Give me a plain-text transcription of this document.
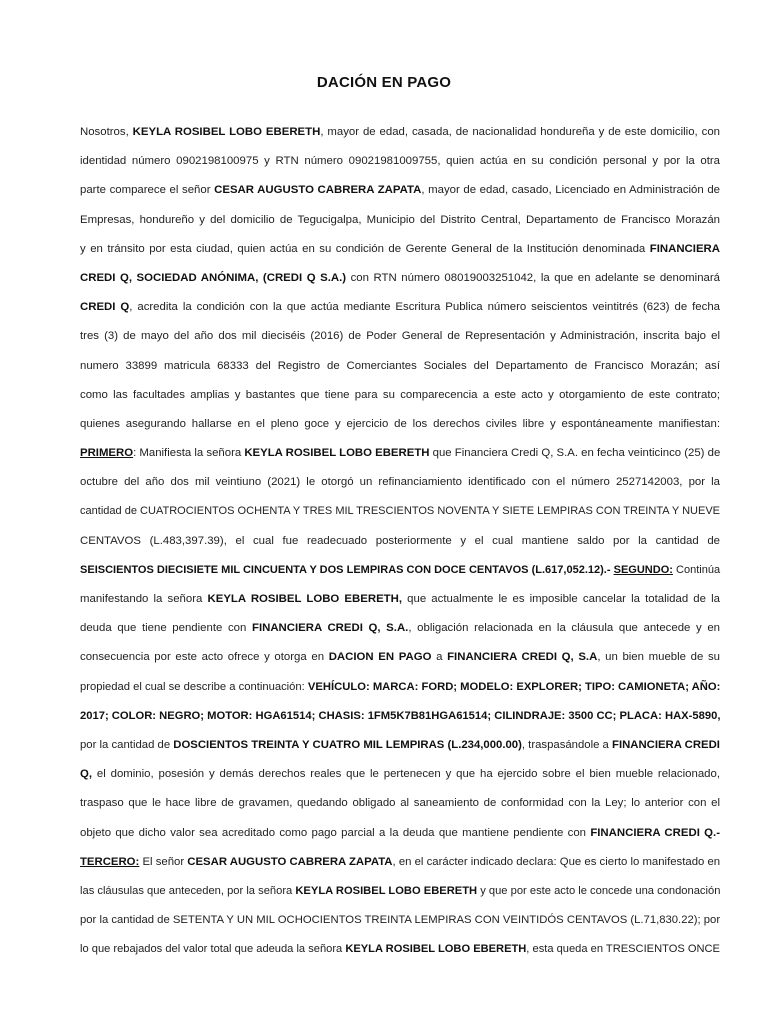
DACIÓN EN PAGO
Nosotros, KEYLA ROSIBEL LOBO EBERETH, mayor de edad, casada, de nacionalidad hondureña y de este domicilio, con
identidad número 0902198100975 y RTN número 09021981009755, quien actúa en su condición personal y por la otra
parte comparece el señor CESAR AUGUSTO CABRERA ZAPATA, mayor de edad, casado, Licenciado en Administración de
Empresas, hondureño y del domicilio de Tegucigalpa, Municipio del Distrito Central, Departamento de Francisco Morazán
y en tránsito por esta ciudad, quien actúa en su condición de Gerente General de la Institución denominada FINANCIERA
CREDI Q, SOCIEDAD ANÓNIMA, (CREDI Q S.A.) con RTN número 08019003251042, la que en adelante se denominará
CREDI Q, acredita la condición con la que actúa mediante Escritura Publica número seiscientos veintitrés (623) de fecha
tres (3) de mayo del año dos mil dieciséis (2016) de Poder General de Representación y Administración, inscrita bajo el
numero 33899 matricula 68333 del Registro de Comerciantes Sociales del Departamento de Francisco Morazán; así
como las facultades amplias y bastantes que tiene para su comparecencia a este acto y otorgamiento de este contrato;
quienes asegurando hallarse en el pleno goce y ejercicio de los derechos civiles libre y espontáneamente manifiestan:
PRIMERO: Manifiesta la señora KEYLA ROSIBEL LOBO EBERETH que Financiera Credi Q, S.A. en fecha veinticinco (25) de
octubre del año dos mil veintiuno (2021) le otorgó un refinanciamiento identificado con el número 2527142003, por la
cantidad de CUATROCIENTOS OCHENTA Y TRES MIL TRESCIENTOS NOVENTA Y SIETE LEMPIRAS CON TREINTA Y NUEVE
CENTAVOS (L.483,397.39), el cual fue readecuado posteriormente y el cual mantiene saldo por la cantidad de
SEISCIENTOS DIECISIETE MIL CINCUENTA Y DOS LEMPIRAS CON DOCE CENTAVOS (L.617,052.12).- SEGUNDO: Continúa
manifestando la señora KEYLA ROSIBEL LOBO EBERETH, que actualmente le es imposible cancelar la totalidad de la
deuda que tiene pendiente con FINANCIERA CREDI Q, S.A., obligación relacionada en la cláusula que antecede y en
consecuencia por este acto ofrece y otorga en DACION EN PAGO a FINANCIERA CREDI Q, S.A, un bien mueble de su
propiedad el cual se describe a continuación: VEHÍCULO: MARCA: FORD; MODELO: EXPLORER; TIPO: CAMIONETA; AÑO:
2017; COLOR: NEGRO; MOTOR: HGA61514; CHASIS: 1FM5K7B81HGA61514; CILINDRAJE: 3500 CC; PLACA: HAX-5890,
por la cantidad de DOSCIENTOS TREINTA Y CUATRO MIL LEMPIRAS (L.234,000.00), traspasándole a FINANCIERA CREDI
Q, el dominio, posesión y demás derechos reales que le pertenecen y que ha ejercido sobre el bien mueble relacionado,
traspaso que le hace libre de gravamen, quedando obligado al saneamiento de conformidad con la Ley; lo anterior con el
objeto que dicho valor sea acreditado como pago parcial a la deuda que mantiene pendiente con FINANCIERA CREDI Q.-
TERCERO: El señor CESAR AUGUSTO CABRERA ZAPATA, en el carácter indicado declara: Que es cierto lo manifestado en
las cláusulas que anteceden, por la señora KEYLA ROSIBEL LOBO EBERETH y que por este acto le concede una condonación
por la cantidad de SETENTA Y UN MIL OCHOCIENTOS TREINTA LEMPIRAS CON VEINTIDÓS CENTAVOS (L.71,830.22); por
lo que rebajados del valor total que adeuda la señora KEYLA ROSIBEL LOBO EBERETH, esta queda en TRESCIENTOS ONCE
